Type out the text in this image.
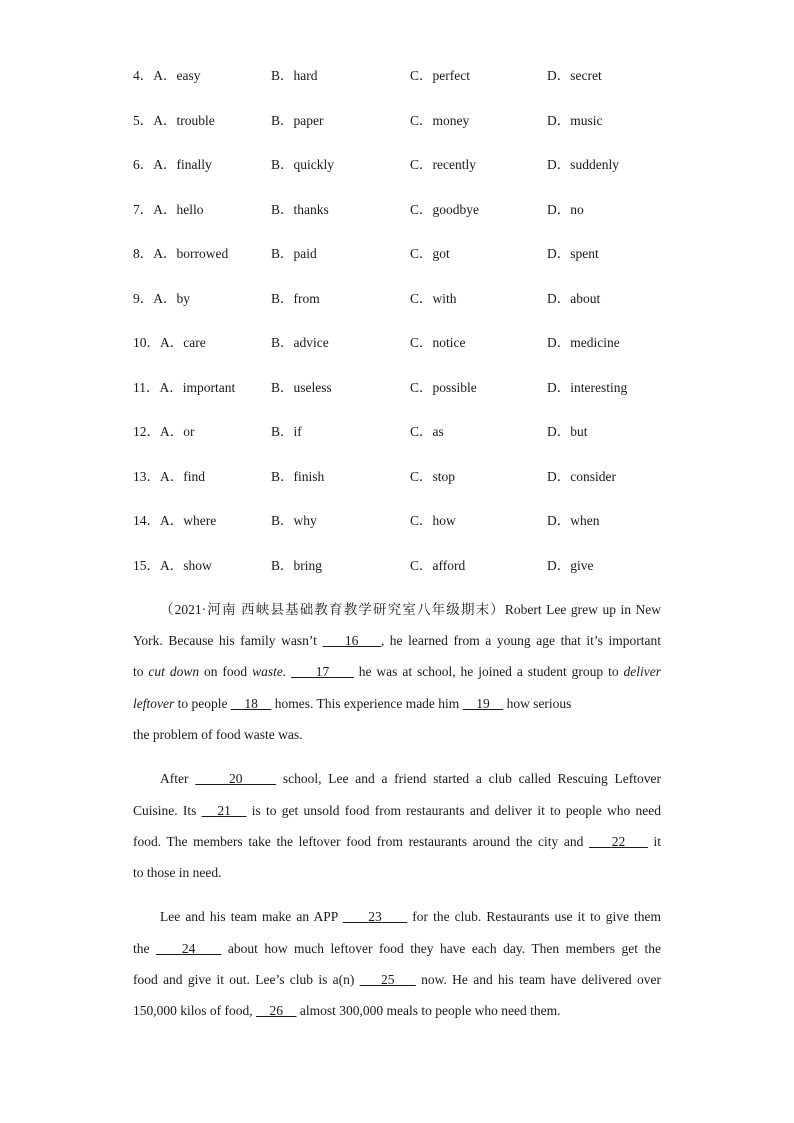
4．A．easy	B．hard	C．perfect	D．secret
5．A．trouble	B．paper	C．money	D．music
6．A．finally	B．quickly	C．recently	D．suddenly
7．A．hello	B．thanks	C．goodbye	D．no
8．A．borrowed	B．paid	C．got	D．spent
9．A．by	B．from	C．with	D．about
10．A．care	B．advice	C．notice	D．medicine
11．A．important	B．useless	C．possible	D．interesting
12．A．or	B．if	C．as	D．but
13．A．find	B．finish	C．stop	D．consider
14．A．where	B．why	C．how	D．when
15．A．show	B．bring	C．afford	D．give
（2021·河南 西峡县基础教育教学研究室八年级期末）Robert Lee grew up in New
York. Because his family wasn’t     16 , he learned from a young age that it’s important
to cut down on food waste. 17      he was at school, he joined a student group to deliver
leftover to people     18     homes. This experience made him     19     how serious
the problem of food waste was.
After      20      school, Lee and a friend started a club called Rescuing Leftover
Cuisine. Its    21    is to get unsold food from restaurants and deliver it to people who need
food. The members take the leftover food from restaurants around the city and     22     it
to those in need.
Lee and his team make an APP      23      for the club. Restaurants use it to give them
the     24     about how much leftover food they have each day. Then members get the
food and give it out. Lee’s club is a(n)     25     now. He and his team have delivered over
150,000 kilos of food,     26     almost 300,000 meals to people who need them.
